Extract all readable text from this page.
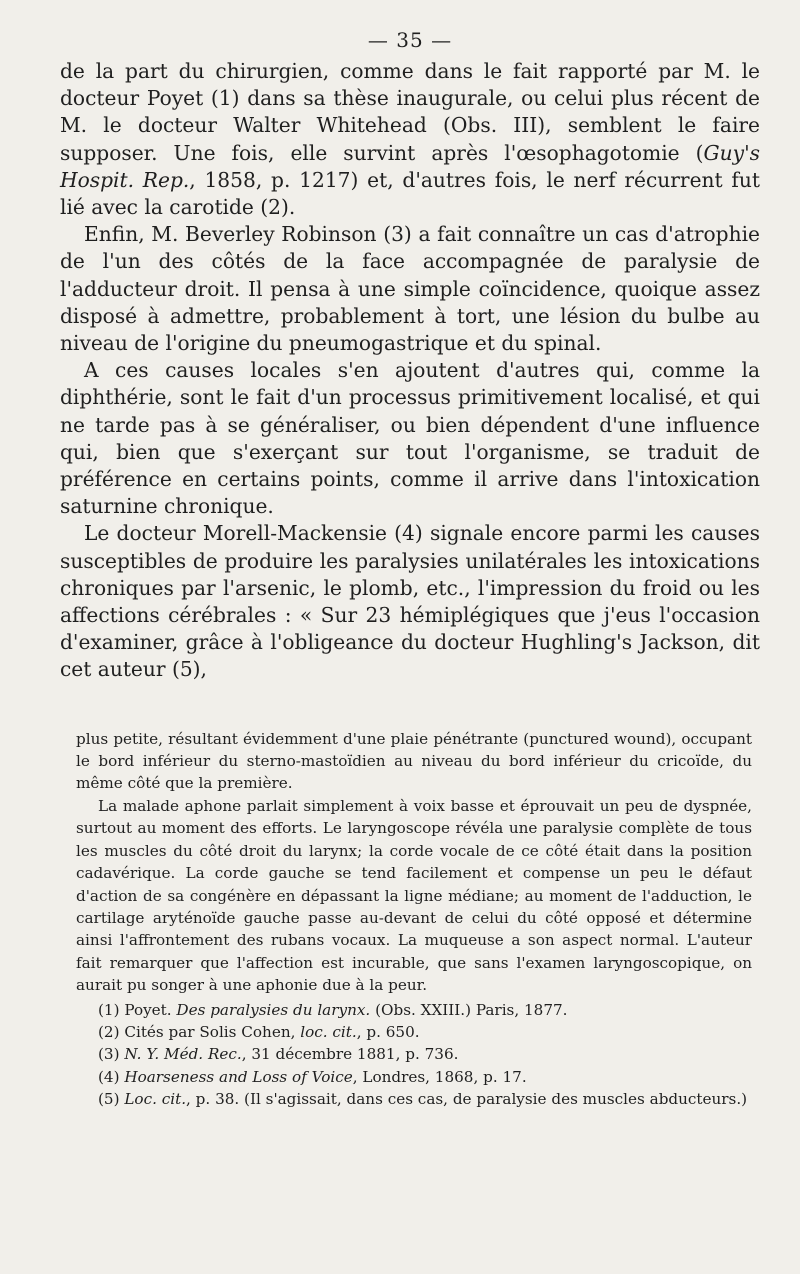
— 35 —

de la part du chirurgien, comme dans le fait rapporté par M. le docteur Poyet (1) dans sa thèse inaugurale, ou celui plus récent de M. le docteur Walter Whitehead (Obs. III), semblent le faire supposer. Une fois, elle survint après l'œsophagotomie (Guy's Hospit. Rep., 1858, p. 1217) et, d'autres fois, le nerf récurrent fut lié avec la carotide (2).

Enfin, M. Beverley Robinson (3) a fait connaître un cas d'atrophie de l'un des côtés de la face accompagnée de paralysie de l'adducteur droit. Il pensa à une simple coïncidence, quoique assez disposé à admettre, probablement à tort, une lésion du bulbe au niveau de l'origine du pneumogastrique et du spinal.

A ces causes locales s'en ajoutent d'autres qui, comme la diphthérie, sont le fait d'un processus primitivement localisé, et qui ne tarde pas à se généraliser, ou bien dépendent d'une influence qui, bien que s'exerçant sur tout l'organisme, se traduit de préférence en certains points, comme il arrive dans l'intoxication saturnine chronique.

Le docteur Morell-Mackensie (4) signale encore parmi les causes susceptibles de produire les paralysies unilatérales les intoxications chroniques par l'arsenic, le plomb, etc., l'impression du froid ou les affections cérébrales : « Sur 23 hémiplégiques que j'eus l'occasion d'examiner, grâce à l'obligeance du docteur Hughling's Jackson, dit cet auteur (5),

plus petite, résultant évidemment d'une plaie pénétrante (punctured wound), occupant le bord inférieur du sterno-mastoïdien au niveau du bord inférieur du cricoïde, du même côté que la première.

La malade aphone parlait simplement à voix basse et éprouvait un peu de dyspnée, surtout au moment des efforts. Le laryngoscope révéla une paralysie complète de tous les muscles du côté droit du larynx; la corde vocale de ce côté était dans la position cadavérique. La corde gauche se tend facilement et compense un peu le défaut d'action de sa congénère en dépassant la ligne médiane; au moment de l'adduction, le cartilage aryténoïde gauche passe au-devant de celui du côté opposé et détermine ainsi l'affrontement des rubans vocaux. La muqueuse a son aspect normal. L'auteur fait remarquer que l'affection est incurable, que sans l'examen laryngoscopique, on aurait pu songer à une aphonie due à la peur.

(1) Poyet. Des paralysies du larynx. (Obs. XXIII.) Paris, 1877.

(2) Cités par Solis Cohen, loc. cit., p. 650.

(3) N. Y. Méd. Rec., 31 décembre 1881, p. 736.

(4) Hoarseness and Loss of Voice, Londres, 1868, p. 17.

(5) Loc. cit., p. 38. (Il s'agissait, dans ces cas, de paralysie des muscles abducteurs.)
